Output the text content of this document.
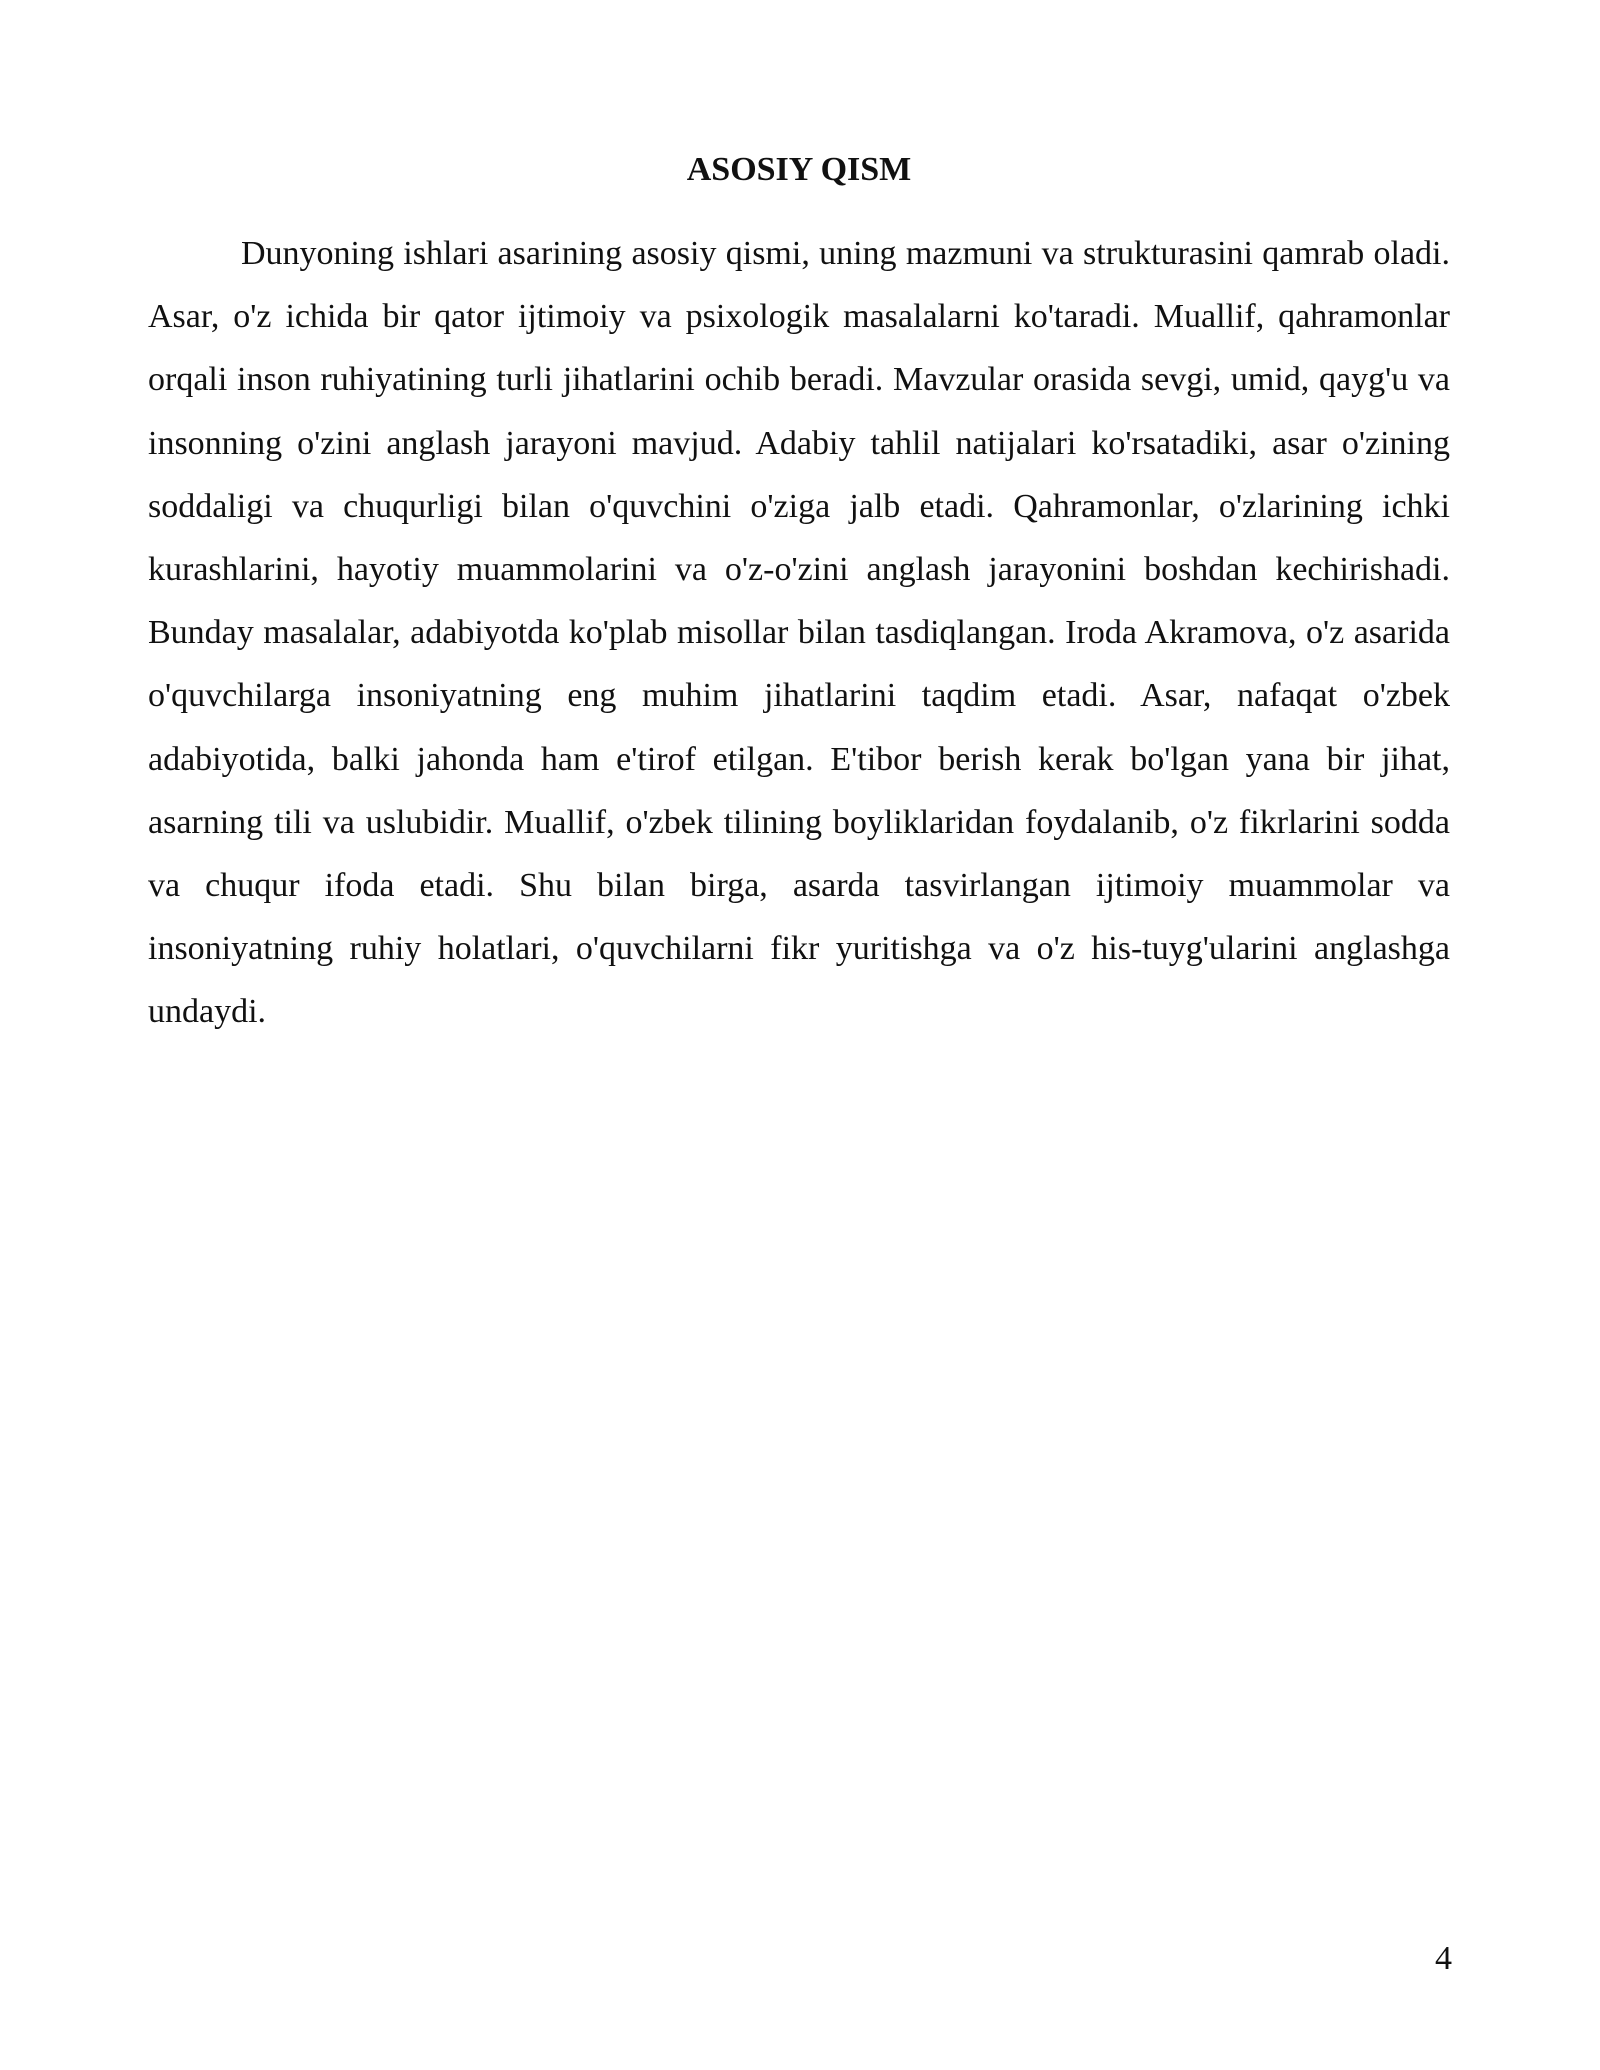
ASOSIY QISM

Dunyoning ishlari asarining asosiy qismi, uning mazmuni va strukturasini qamrab oladi. Asar, o'z ichida bir qator ijtimoiy va psixologik masalalarni ko'taradi. Muallif, qahramonlar orqali inson ruhiyatining turli jihatlarini ochib beradi. Mavzular orasida sevgi, umid, qayg'u va insonning o'zini anglash jarayoni mavjud. Adabiy tahlil natijalari ko'rsatadiki, asar o'zining soddaligi va chuqurligi bilan o'quvchini o'ziga jalb etadi. Qahramonlar, o'zlarining ichki kurashlarini, hayotiy muammolarini va o'z-o'zini anglash jarayonini boshdan kechirishadi. Bunday masalalar, adabiyotda ko'plab misollar bilan tasdiqlangan. Iroda Akramova, o'z asarida o'quvchilarga insoniyatning eng muhim jihatlarini taqdim etadi. Asar, nafaqat o'zbek adabiyotida, balki jahonda ham e'tirof etilgan. E'tibor berish kerak bo'lgan yana bir jihat, asarning tili va uslubidir. Muallif, o'zbek tilining boyliklaridan foydalanib, o'z fikrlarini sodda va chuqur ifoda etadi. Shu bilan birga, asarda tasvirlangan ijtimoiy muammolar va insoniyatning ruhiy holatlari, o'quvchilarni fikr yuritishga va o'z his-tuyg'ularini anglashga undaydi.

4
